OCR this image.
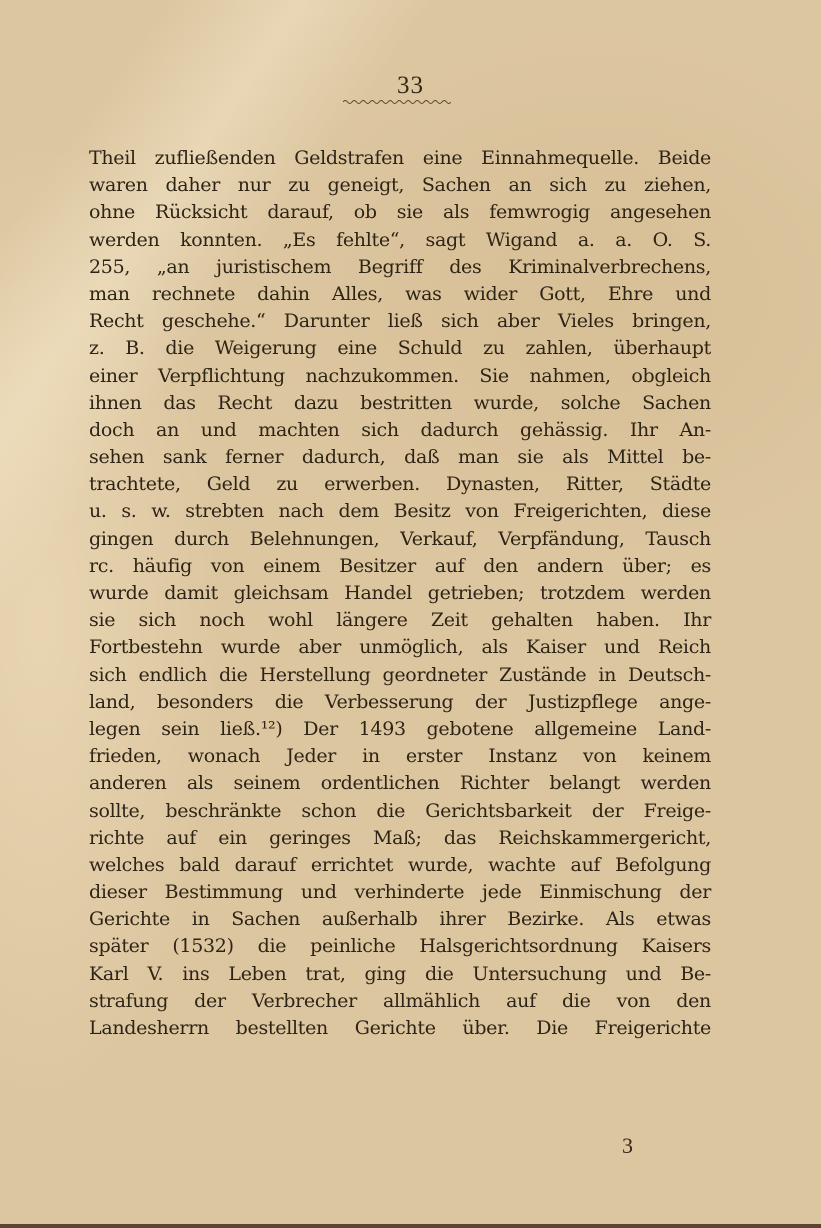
33
Theil zufließenden Geldstrafen eine Einnahmequelle. Beide
waren daher nur zu geneigt, Sachen an sich zu ziehen,
ohne Rücksicht darauf, ob sie als femwrogig angesehen
werden konnten. „Es fehlte“, sagt Wigand a. a. O. S.
255, „an juristischem Begriff des Kriminalverbrechens,
man rechnete dahin Alles, was wider Gott, Ehre und
Recht geschehe.“ Darunter ließ sich aber Vieles bringen,
z. B. die Weigerung eine Schuld zu zahlen, überhaupt
einer Verpflichtung nachzukommen. Sie nahmen, obgleich
ihnen das Recht dazu bestritten wurde, solche Sachen
doch an und machten sich dadurch gehässig. Ihr An-
sehen sank ferner dadurch, daß man sie als Mittel be-
trachtete, Geld zu erwerben. Dynasten, Ritter, Städte
u. s. w. strebten nach dem Besitz von Freigerichten, diese
gingen durch Belehnungen, Verkauf, Verpfändung, Tausch
rc. häufig von einem Besitzer auf den andern über; es
wurde damit gleichsam Handel getrieben; trotzdem werden
sie sich noch wohl längere Zeit gehalten haben. Ihr
Fortbestehn wurde aber unmöglich, als Kaiser und Reich
sich endlich die Herstellung geordneter Zustände in Deutsch-
land, besonders die Verbesserung der Justizpflege ange-
legen sein ließ.¹²) Der 1493 gebotene allgemeine Land-
frieden, wonach Jeder in erster Instanz von keinem
anderen als seinem ordentlichen Richter belangt werden
sollte, beschränkte schon die Gerichtsbarkeit der Freige-
richte auf ein geringes Maß; das Reichskammergericht,
welches bald darauf errichtet wurde, wachte auf Befolgung
dieser Bestimmung und verhinderte jede Einmischung der
Gerichte in Sachen außerhalb ihrer Bezirke. Als etwas
später (1532) die peinliche Halsgerichtsordnung Kaisers
Karl V. ins Leben trat, ging die Untersuchung und Be-
strafung der Verbrecher allmählich auf die von den
Landesherrn bestellten Gerichte über. Die Freigerichte
3
